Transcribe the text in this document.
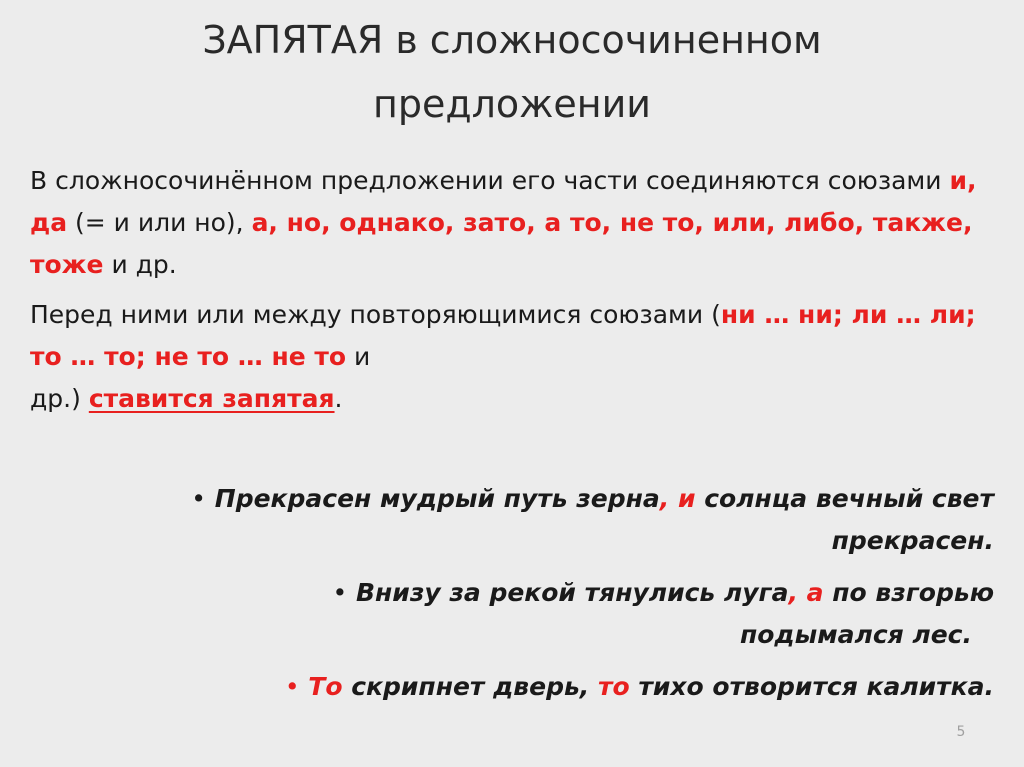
ЗАПЯТАЯ в сложносочиненном
предложении

В сложносочинённом предложении его части соединяются союзами и, да (= и или но), а, но, однако, зато, а то, не то, или, либо, также, тоже и др.

Перед ними или между повторяющимися союзами (ни … ни; ли … ли; то … то; не то … не то и
др.) ставится запятая.

• Прекрасен мудрый путь зерна, и солнца вечный свет
прекрасен.
• Внизу за рекой тянулись луга, а по взгорью
подымался лес.
• То скрипнет дверь, то тихо отворится калитка.
5
